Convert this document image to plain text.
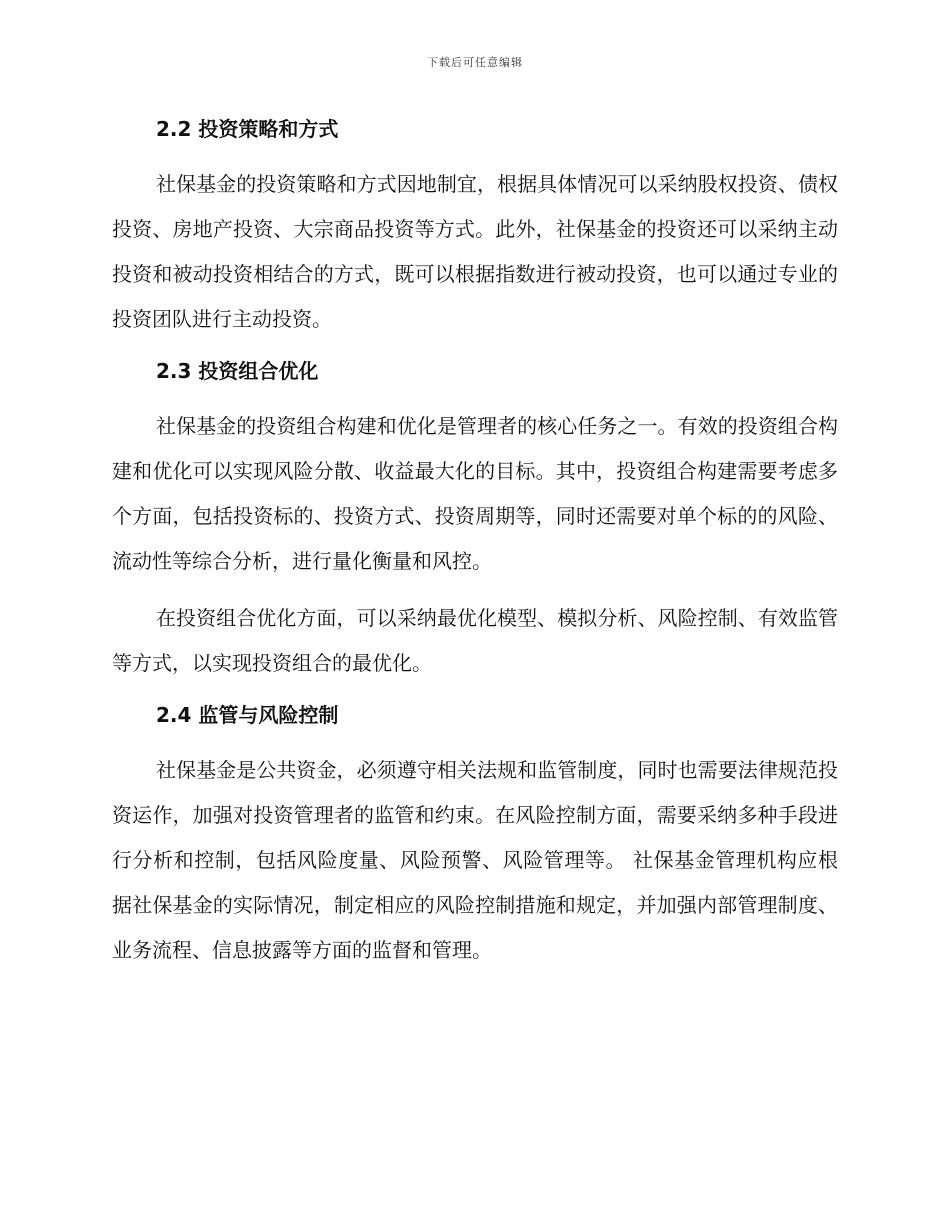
下载后可任意编辑
2.2 投资策略和方式

社保基金的投资策略和方式因地制宜，根据具体情况可以采纳股权投资、债权投资、房地产投资、大宗商品投资等方式。此外，社保基金的投资还可以采纳主动投资和被动投资相结合的方式，既可以根据指数进行被动投资，也可以通过专业的投资团队进行主动投资。

2.3 投资组合优化

社保基金的投资组合构建和优化是管理者的核心任务之一。有效的投资组合构建和优化可以实现风险分散、收益最大化的目标。其中，投资组合构建需要考虑多个方面，包括投资标的、投资方式、投资周期等，同时还需要对单个标的的风险、流动性等综合分析，进行量化衡量和风控。

在投资组合优化方面，可以采纳最优化模型、模拟分析、风险控制、有效监管等方式，以实现投资组合的最优化。

2.4 监管与风险控制

社保基金是公共资金，必须遵守相关法规和监管制度，同时也需要法律规范投资运作，加强对投资管理者的监管和约束。在风险控制方面，需要采纳多种手段进行分析和控制，包括风险度量、风险预警、风险管理等。 社保基金管理机构应根据社保基金的实际情况，制定相应的风险控制措施和规定，并加强内部管理制度、业务流程、信息披露等方面的监督和管理。
